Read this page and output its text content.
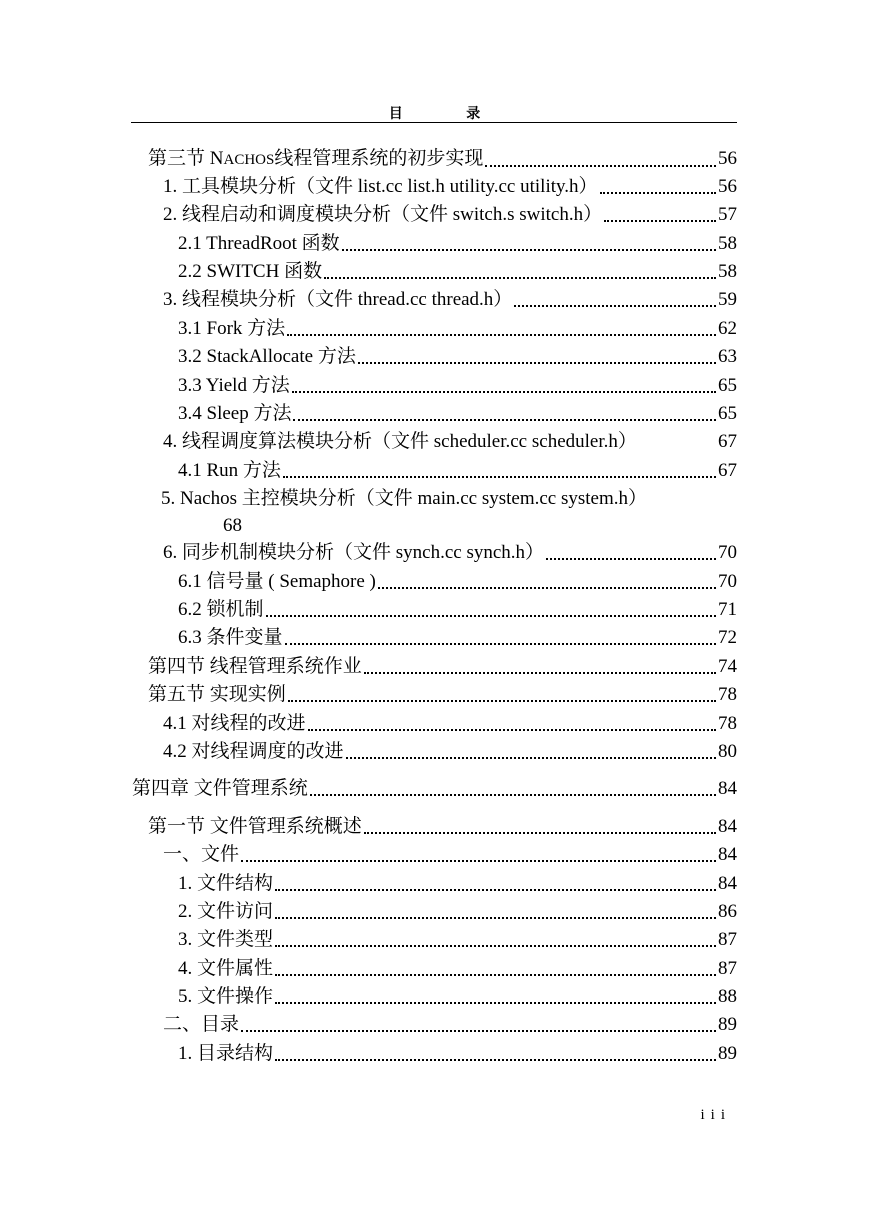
目 录
第三节 NACHOS线程管理系统的初步实现	56
1. 工具模块分析（文件 list.cc list.h utility.cc utility.h）	56
2. 线程启动和调度模块分析（文件 switch.s switch.h）	57
2.1 ThreadRoot 函数	58
2.2 SWITCH 函数	58
3. 线程模块分析（文件 thread.cc thread.h）	59
3.1 Fork 方法	62
3.2 StackAllocate 方法	63
3.3 Yield 方法	65
3.4 Sleep 方法	65
4. 线程调度算法模块分析（文件 scheduler.cc scheduler.h）	67
4.1 Run 方法	67
5. Nachos 主控模块分析（文件 main.cc system.cc system.h）
68
6. 同步机制模块分析（文件 synch.cc synch.h）	70
6.1 信号量 ( Semaphore )	70
6.2 锁机制	71
6.3 条件变量	72
第四节 线程管理系统作业	74
第五节 实现实例	78
4.1 对线程的改进	78
4.2 对线程调度的改进	80
第四章 文件管理系统	84
第一节 文件管理系统概述	84
一、文件	84
1. 文件结构	84
2. 文件访问	86
3. 文件类型	87
4. 文件属性	87
5. 文件操作	88
二、目录	89
1. 目录结构	89
iii
